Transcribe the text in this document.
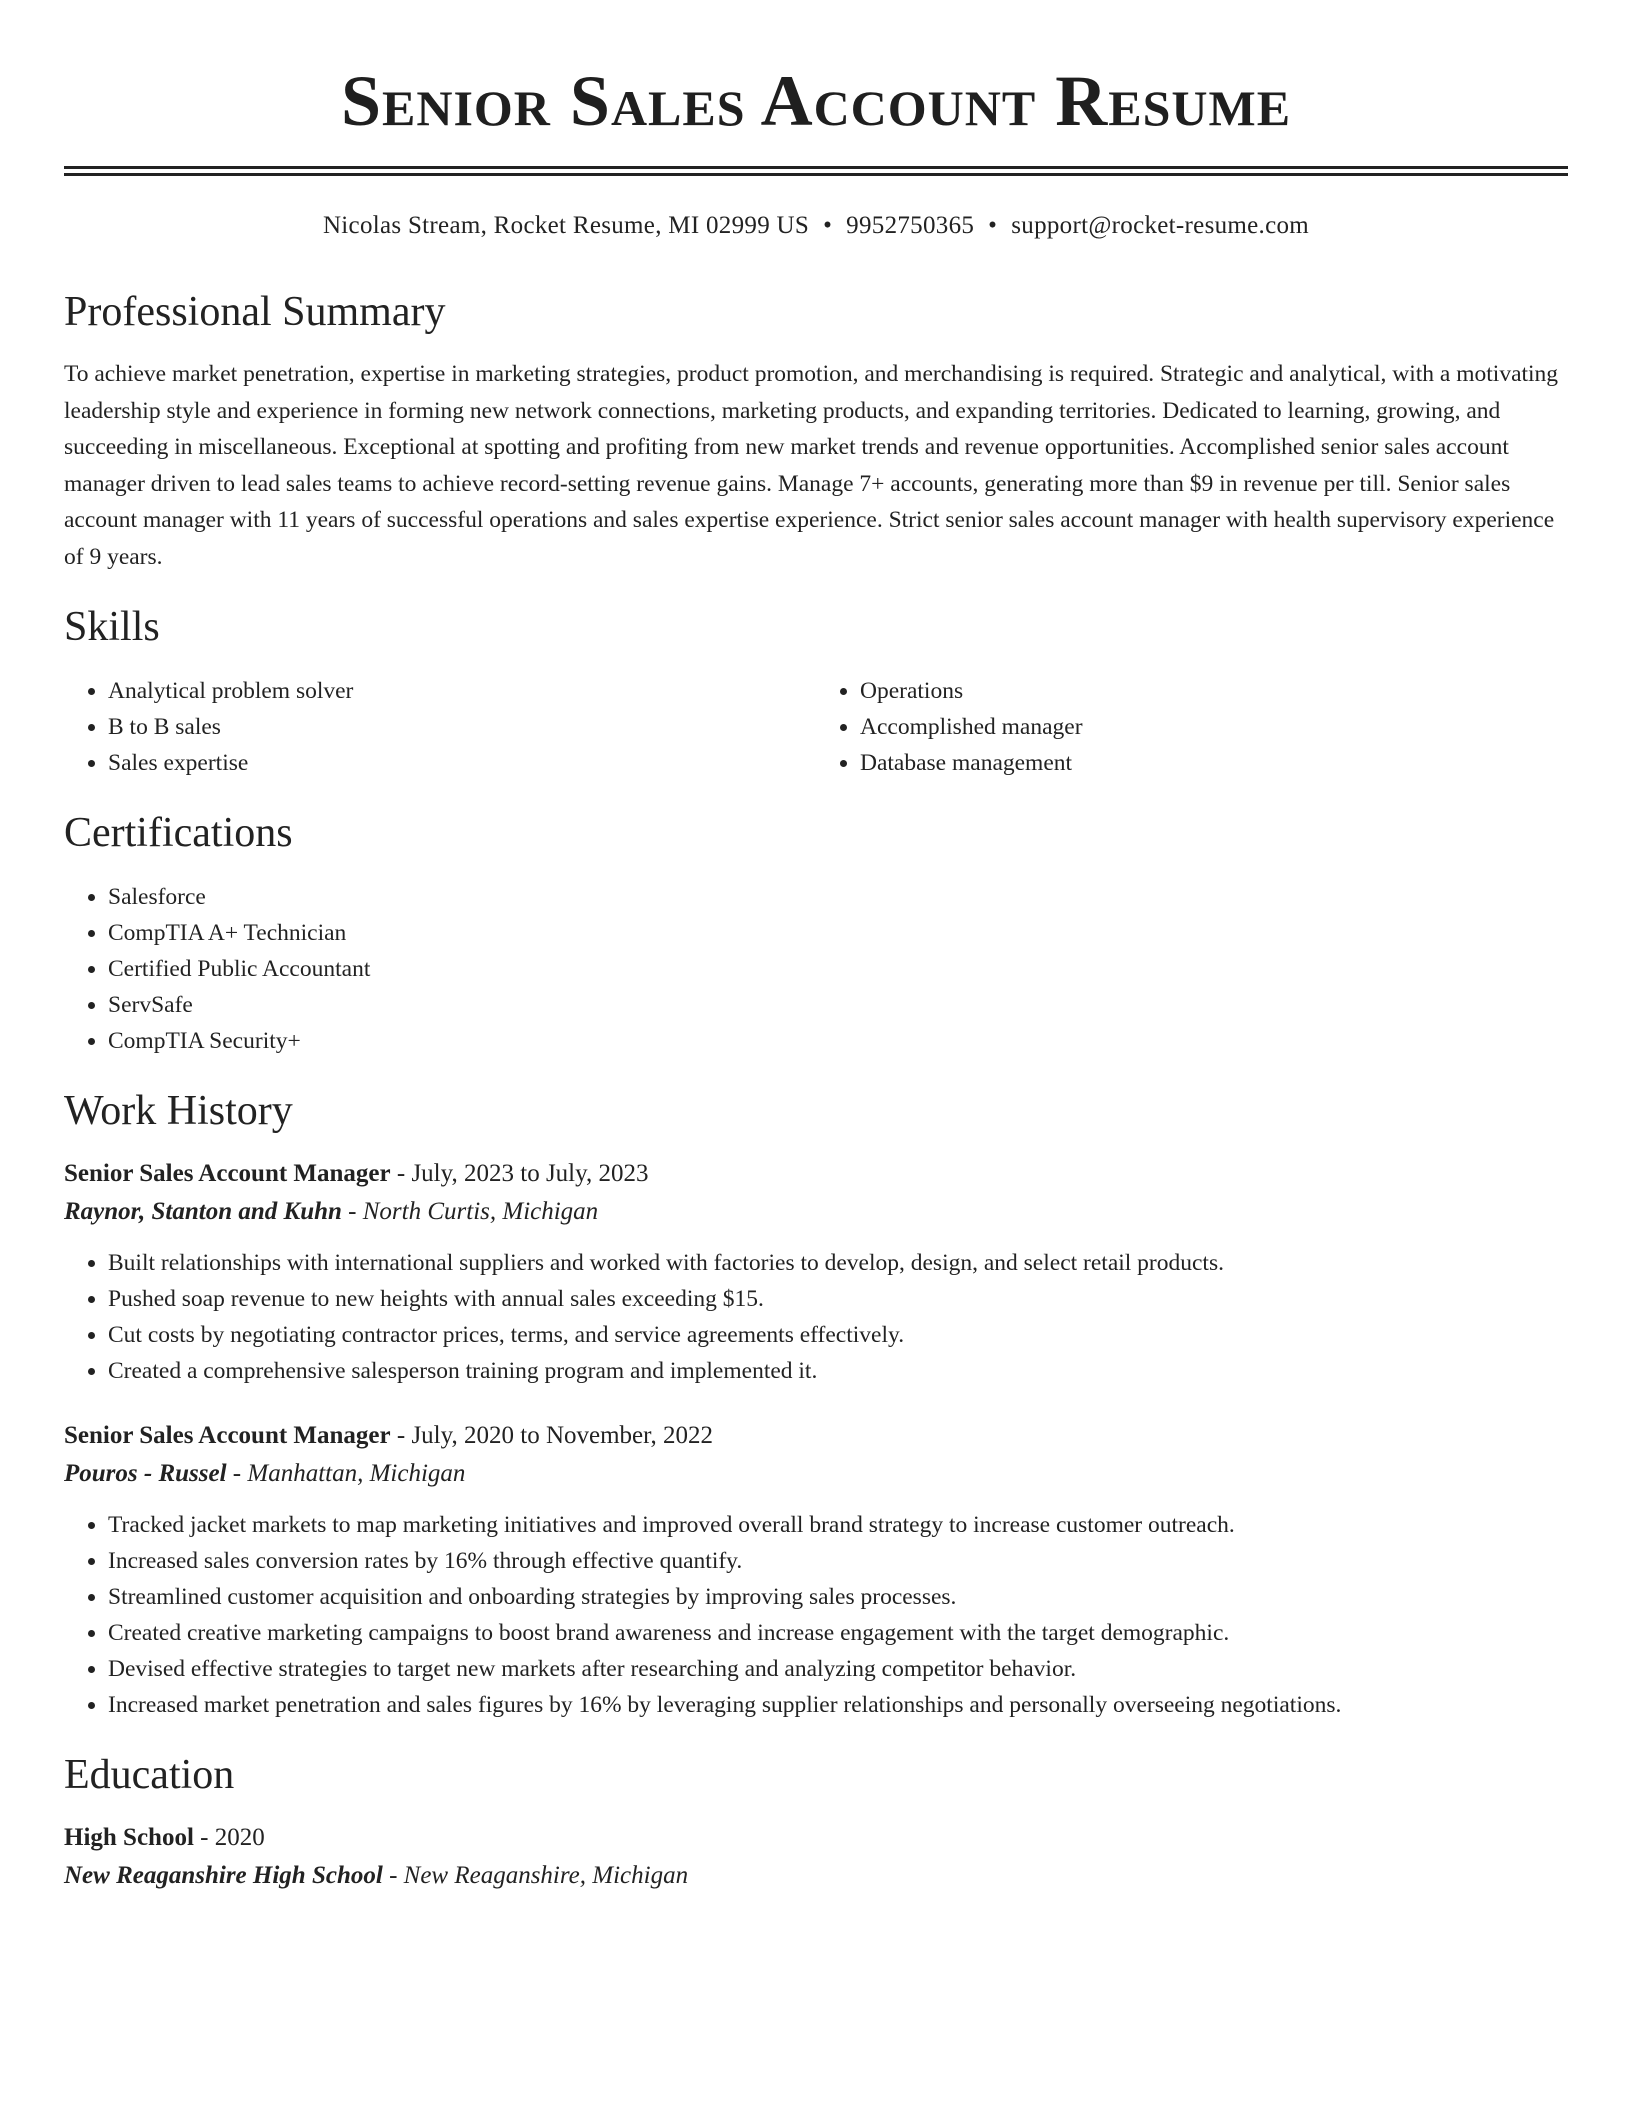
Senior Sales Account Resume
Nicolas Stream, Rocket Resume, MI 02999 US • 9952750365 • support@rocket-resume.com
Professional Summary

To achieve market penetration, expertise in marketing strategies, product promotion, and merchandising is required. Strategic and analytical, with a motivating leadership style and experience in forming new network connections, marketing products, and expanding territories. Dedicated to learning, growing, and succeeding in miscellaneous. Exceptional at spotting and profiting from new market trends and revenue opportunities. Accomplished senior sales account manager driven to lead sales teams to achieve record-setting revenue gains. Manage 7+ accounts, generating more than $9 in revenue per till. Senior sales account manager with 11 years of successful operations and sales expertise experience. Strict senior sales account manager with health supervisory experience of 9 years.

Skills
• Analytical problem solver
• B to B sales
• Sales expertise
• Operations
• Accomplished manager
• Database management
Certifications
• Salesforce
• CompTIA A+ Technician
• Certified Public Accountant
• ServSafe
• CompTIA Security+
Work History
Senior Sales Account Manager - July, 2023 to July, 2023
Raynor, Stanton and Kuhn - North Curtis, Michigan
• Built relationships with international suppliers and worked with factories to develop, design, and select retail products.
• Pushed soap revenue to new heights with annual sales exceeding $15.
• Cut costs by negotiating contractor prices, terms, and service agreements effectively.
• Created a comprehensive salesperson training program and implemented it.
Senior Sales Account Manager - July, 2020 to November, 2022
Pouros - Russel - Manhattan, Michigan
• Tracked jacket markets to map marketing initiatives and improved overall brand strategy to increase customer outreach.
• Increased sales conversion rates by 16% through effective quantify.
• Streamlined customer acquisition and onboarding strategies by improving sales processes.
• Created creative marketing campaigns to boost brand awareness and increase engagement with the target demographic.
• Devised effective strategies to target new markets after researching and analyzing competitor behavior.
• Increased market penetration and sales figures by 16% by leveraging supplier relationships and personally overseeing negotiations.
Education
High School - 2020
New Reaganshire High School - New Reaganshire, Michigan
